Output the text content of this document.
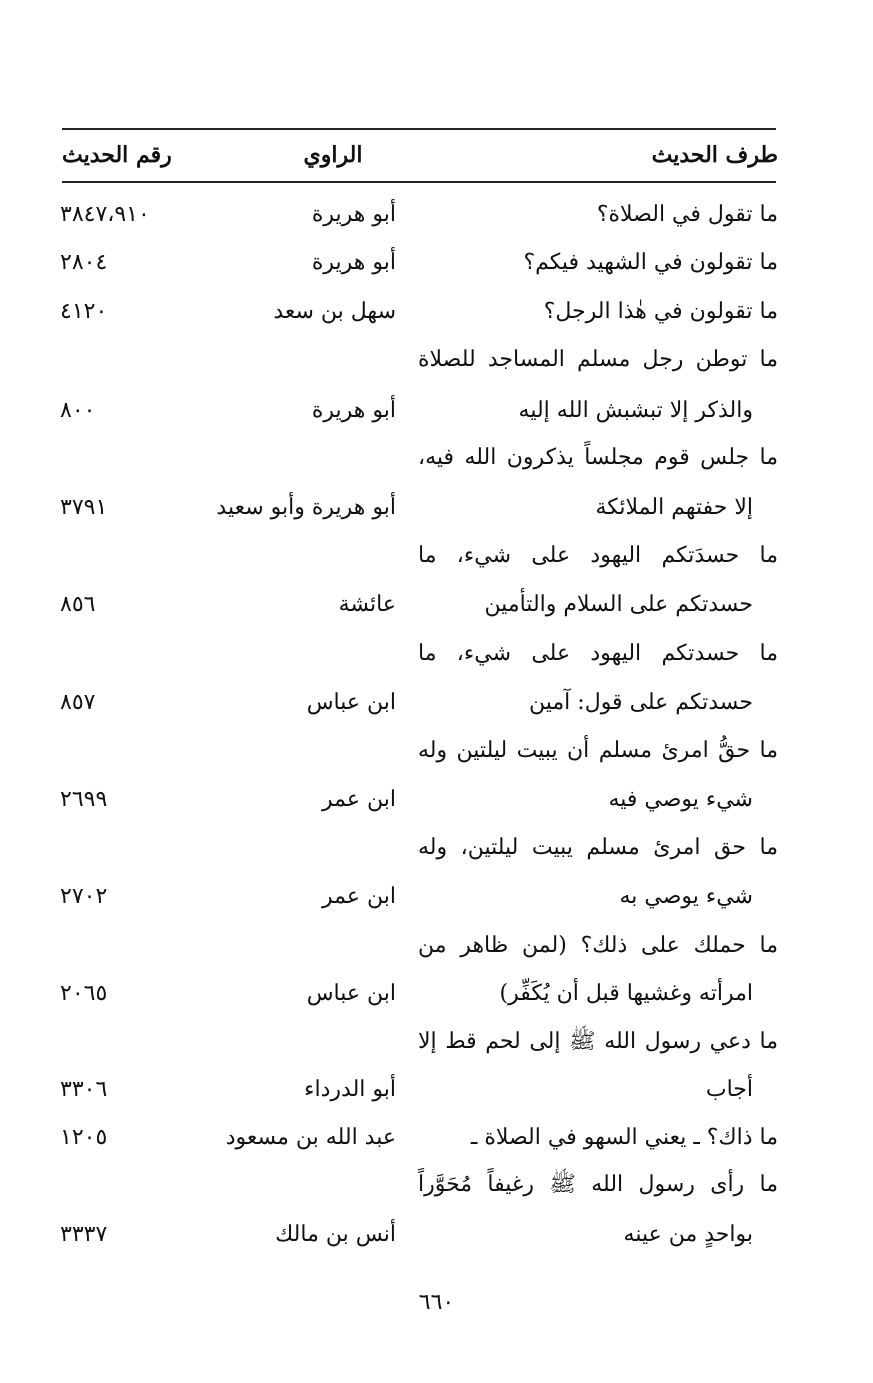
طرف الحديث
الراوي
رقم الحديث
ما تقول في الصلاة؟
أبو هريرة
٣٨٤٧،٩١٠
ما تقولون في الشهيد فيكم؟
أبو هريرة
٢٨٠٤
ما تقولون في هٰذا الرجل؟
سهل بن سعد
٤١٢٠
ما توطن رجل مسلم المساجد للصلاة
والذكر إلا تبشبش الله إليه
أبو هريرة
٨٠٠
ما جلس قوم مجلساً يذكرون الله فيه،
إلا حفتهم الملائكة
أبو هريرة وأبو سعيد
٣٧٩١
ما حسدَتكم اليهود على شيء، ما
حسدتكم على السلام والتأمين
عائشة
٨٥٦
ما حسدتكم اليهود على شيء، ما
حسدتكم على قول: آمين
ابن عباس
٨٥٧
ما حقُّ امرئ مسلم أن يبيت ليلتين وله
شيء يوصي فيه
ابن عمر
٢٦٩٩
ما حق امرئ مسلم يبيت ليلتين، وله
شيء يوصي به
ابن عمر
٢٧٠٢
ما حملك على ذلك؟ (لمن ظاهر من
امرأته وغشيها قبل أن يُكَفِّر)
ابن عباس
٢٠٦٥
ما دعي رسول الله ﷺ إلى لحم قط إلا
أجاب
أبو الدرداء
٣٣٠٦
ما ذاك؟ ـ يعني السهو في الصلاة ـ
عبد الله بن مسعود
١٢٠٥
ما رأى رسول الله ﷺ رغيفاً مُحَوَّراً
بواحدٍ من عينه
أنس بن مالك
٣٣٣٧
٦٦٠
